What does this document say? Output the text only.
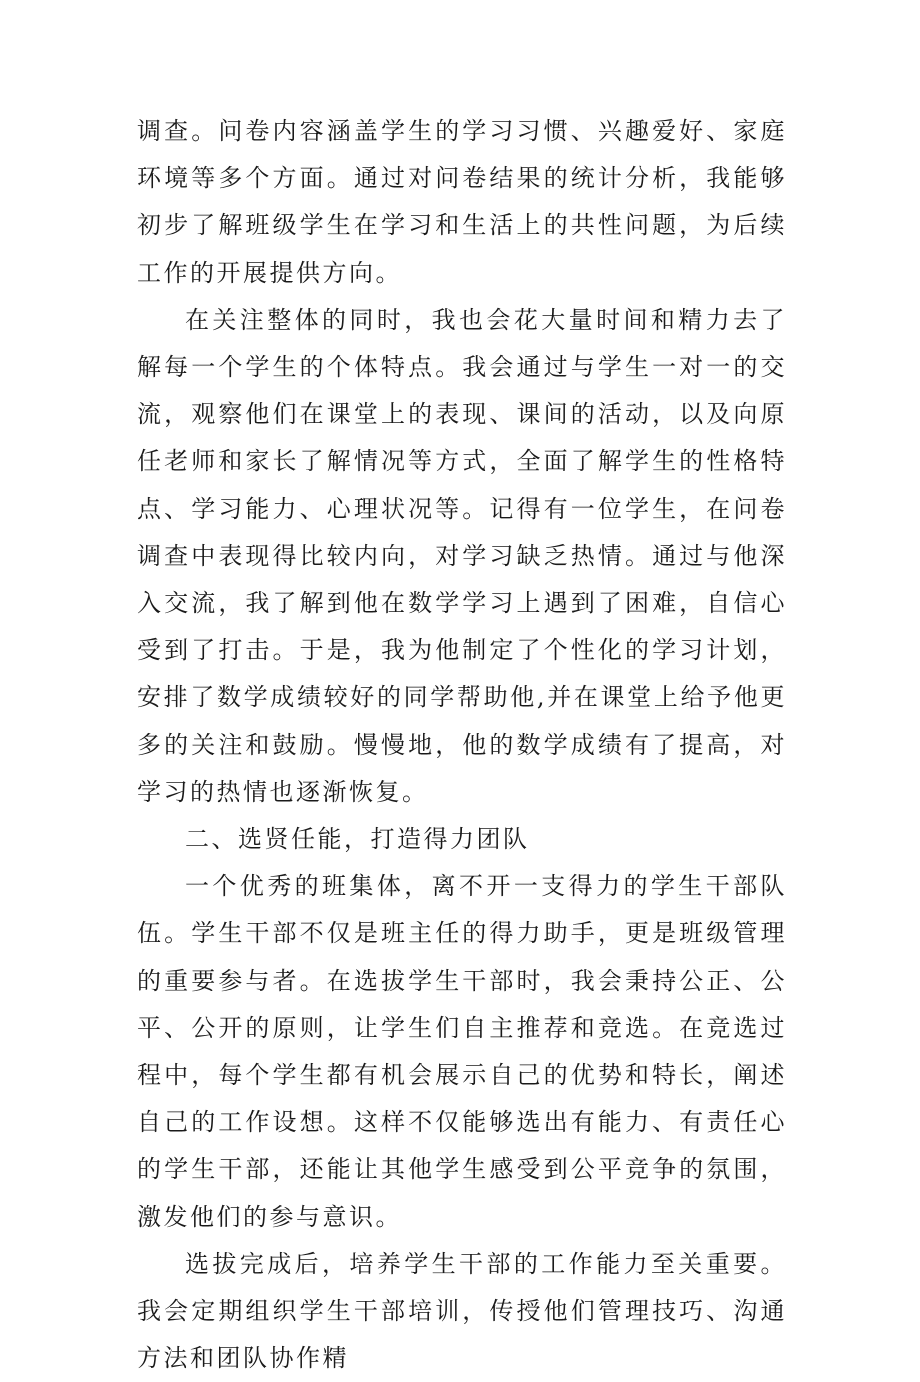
调查。问卷内容涵盖学生的学习习惯、兴趣爱好、家庭环境等多个方面。通过对问卷结果的统计分析，我能够初步了解班级学生在学习和生活上的共性问题，为后续工作的开展提供方向。

在关注整体的同时，我也会花大量时间和精力去了解每一个学生的个体特点。我会通过与学生一对一的交流，观察他们在课堂上的表现、课间的活动，以及向原任老师和家长了解情况等方式，全面了解学生的性格特点、学习能力、心理状况等。记得有一位学生，在问卷调查中表现得比较内向，对学习缺乏热情。通过与他深入交流，我了解到他在数学学习上遇到了困难，自信心受到了打击。于是，我为他制定了个性化的学习计划，安排了数学成绩较好的同学帮助他,并在课堂上给予他更多的关注和鼓励。慢慢地，他的数学成绩有了提高，对学习的热情也逐渐恢复。

二、选贤任能，打造得力团队

一个优秀的班集体，离不开一支得力的学生干部队伍。学生干部不仅是班主任的得力助手，更是班级管理的重要参与者。在选拔学生干部时，我会秉持公正、公平、公开的原则，让学生们自主推荐和竞选。在竞选过程中，每个学生都有机会展示自己的优势和特长，阐述自己的工作设想。这样不仅能够选出有能力、有责任心的学生干部，还能让其他学生感受到公平竞争的氛围，激发他们的参与意识。

选拔完成后，培养学生干部的工作能力至关重要。我会定期组织学生干部培训，传授他们管理技巧、沟通方法和团队协作精
